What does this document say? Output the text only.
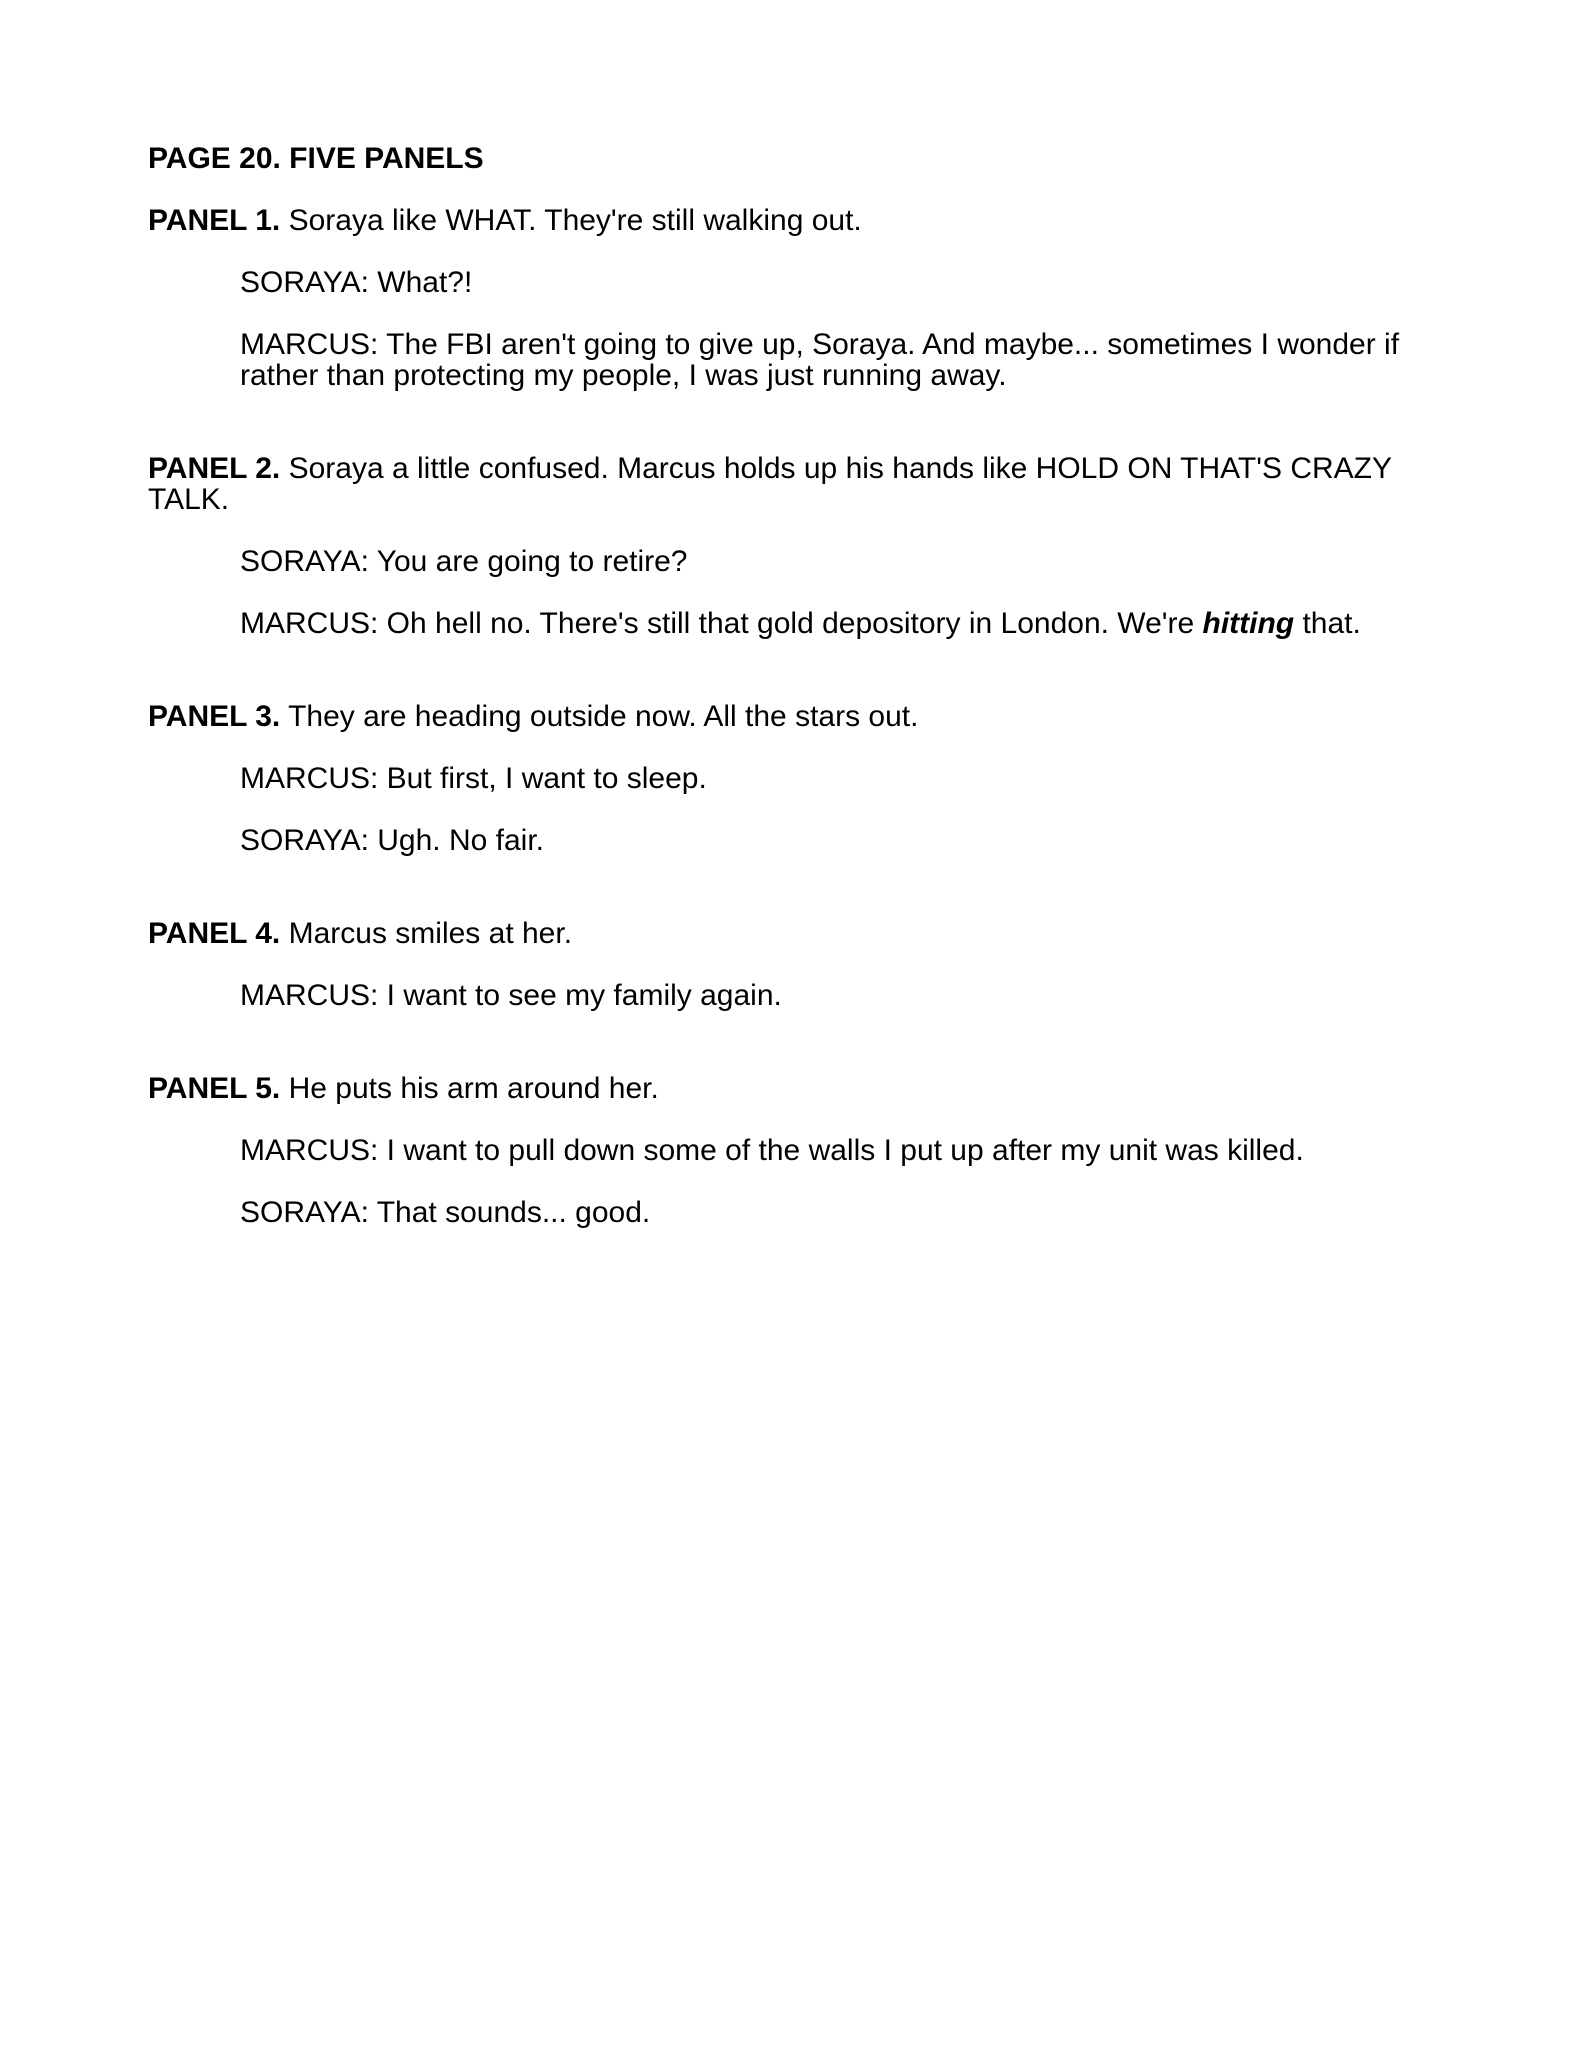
PAGE 20. FIVE PANELS
PANEL 1. Soraya like WHAT. They're still walking out.
SORAYA: What?!
MARCUS: The FBI aren't going to give up, Soraya. And maybe... sometimes I wonder if rather than protecting my people, I was just running away.
PANEL 2. Soraya a little confused. Marcus holds up his hands like HOLD ON THAT'S CRAZY TALK.
SORAYA: You are going to retire?
MARCUS: Oh hell no. There's still that gold depository in London. We're hitting that.
PANEL 3. They are heading outside now. All the stars out.
MARCUS: But first, I want to sleep.
SORAYA: Ugh. No fair.
PANEL 4. Marcus smiles at her.
MARCUS: I want to see my family again.
PANEL 5. He puts his arm around her.
MARCUS: I want to pull down some of the walls I put up after my unit was killed.
SORAYA: That sounds... good.
